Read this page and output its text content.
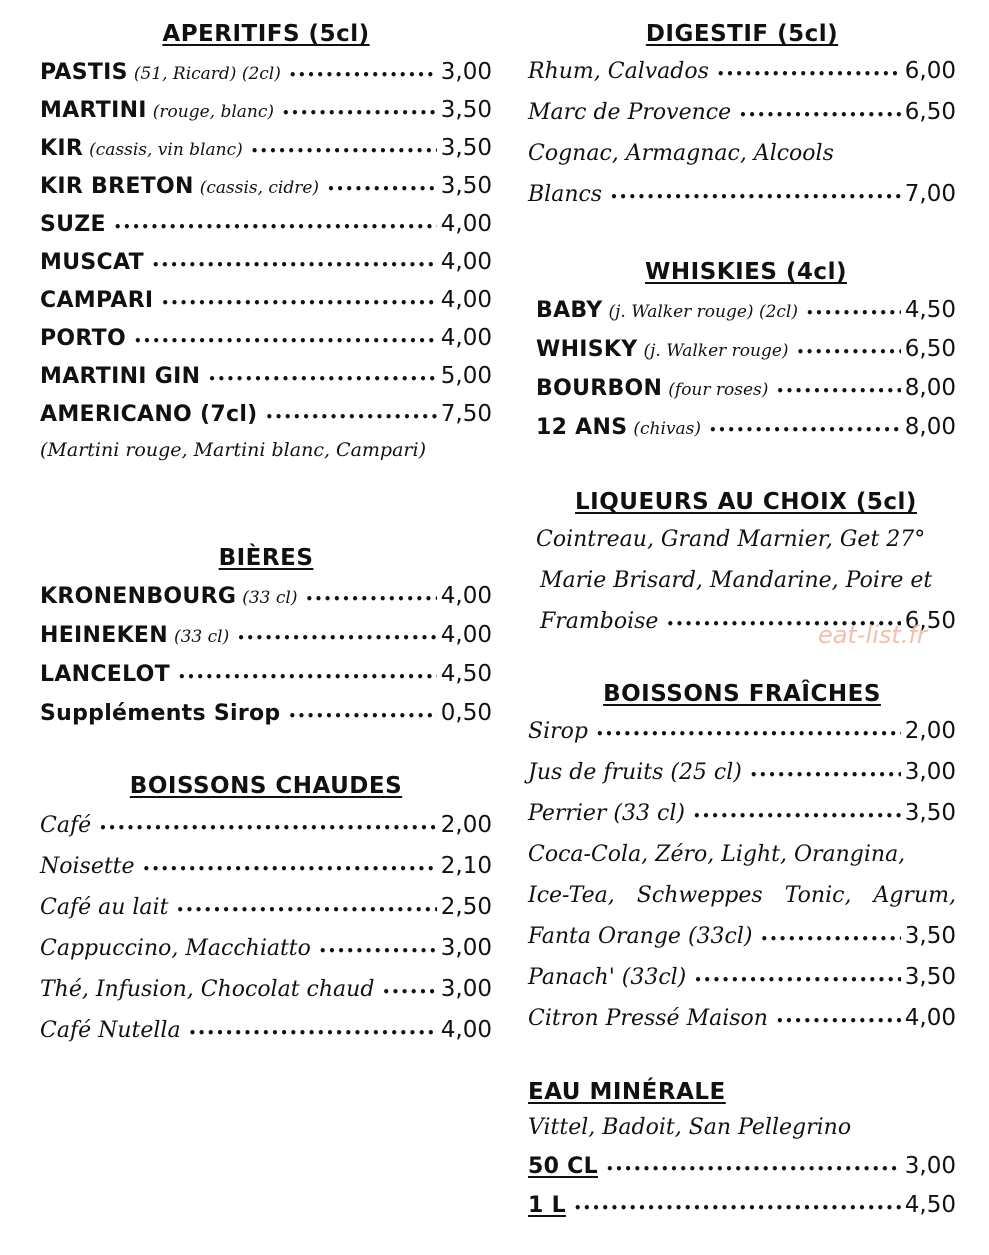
APERITIFS (5cl)
PASTIS (51, Ricard) (2cl) •••••	3,00
MARTINI (rouge, blanc) •••••	3,50
KIR (cassis, vin blanc) •••••	3,50
KIR BRETON (cassis, cidre) •••••	3,50
SUZE •••••	4,00
MUSCAT •••••	4,00
CAMPARI •••••	4,00
PORTO •••••	4,00
MARTINI GIN •••••	5,00
AMERICANO (7cl) •••••	7,50
(Martini rouge, Martini blanc, Campari)
BIÈRES
KRONENBOURG (33 cl) •••••	4,00
HEINEKEN (33 cl) •••••	4,00
LANCELOT •••••	4,50
Suppléments Sirop •••••	0,50
BOISSONS CHAUDES
Café •••••	2,00
Noisette •••••	2,10
Café au lait •••••	2,50
Cappuccino, Macchiatto •••••	3,00
Thé, Infusion, Chocolat chaud •••••	3,00
Café Nutella •••••	4,00
DIGESTIF (5cl)
Rhum, Calvados •••••	6,00
Marc de Provence •••••	6,50
Cognac, Armagnac, Alcools
Blancs •••••	7,00
WHISKIES (4cl)
BABY (j. Walker rouge) (2cl) •••••	4,50
WHISKY (j. Walker rouge) •••••	6,50
BOURBON (four roses) •••••	8,00
12 ANS (chivas) •••••	8,00
LIQUEURS AU CHOIX (5cl)
Cointreau, Grand Marnier, Get 27°
Marie Brisard, Mandarine, Poire et
Framboise •••••	6,50
BOISSONS FRAÎCHES
Sirop •••••	2,00
Jus de fruits (25 cl) •••••	3,00
Perrier (33 cl) •••••	3,50
Coca-Cola, Zéro, Light, Orangina,
Ice-Tea, Schweppes Tonic, Agrum,
Fanta Orange (33cl) •••••	3,50
Panach' (33cl) •••••	3,50
Citron Pressé Maison •••••	4,00
EAU MINÉRALE
Vittel, Badoit, San Pellegrino
50 CL •••••	3,00
1 L •••••	4,50
eat-list.fr
